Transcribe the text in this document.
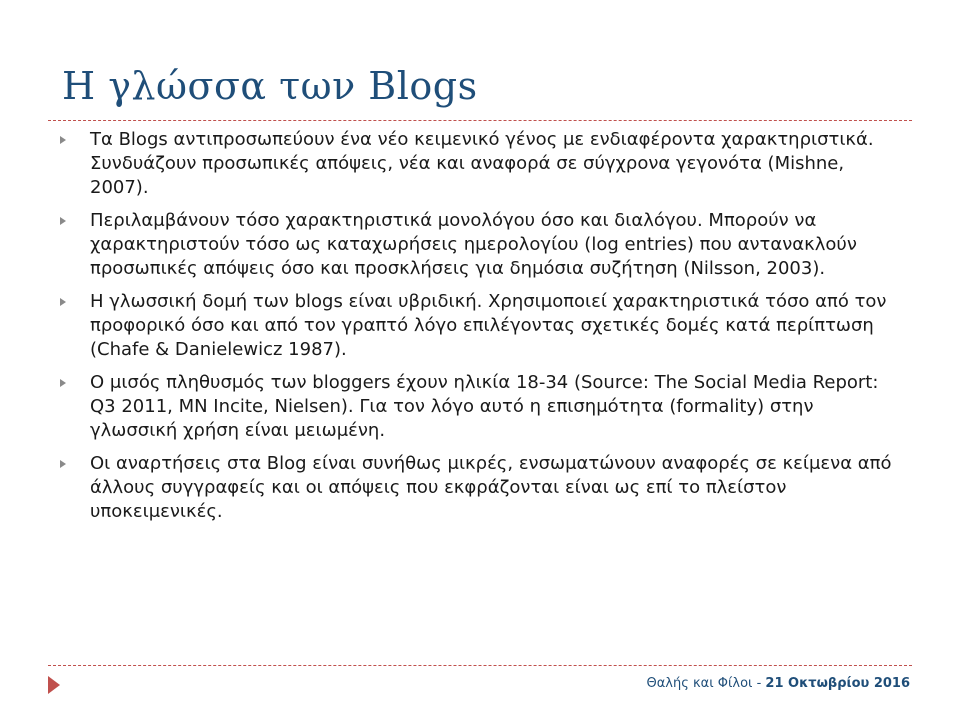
Η γλώσσα των Blogs
Τα Blogs αντιπροσωπεύουν ένα νέο κειμενικό γένος με ενδιαφέροντα χαρακτηριστικά. Συνδυάζουν προσωπικές απόψεις, νέα και αναφορά σε σύγχρονα γεγονότα (Mishne, 2007).
Περιλαμβάνουν τόσο χαρακτηριστικά μονολόγου όσο και διαλόγου. Μπορούν να χαρακτηριστούν τόσο ως καταχωρήσεις ημερολογίου (log entries) που αντανακλούν προσωπικές απόψεις όσο και προσκλήσεις για δημόσια συζήτηση (Nilsson, 2003).
Η γλωσσική δομή των blogs είναι υβριδική. Χρησιμοποιεί χαρακτηριστικά τόσο από τον προφορικό όσο και από τον γραπτό λόγο επιλέγοντας σχετικές δομές κατά περίπτωση (Chafe & Danielewicz 1987).
Ο μισός πληθυσμός των bloggers έχουν ηλικία 18-34 (Source: The Social Media Report: Q3 2011, MN Incite, Nielsen). Για τον λόγο αυτό η επισημότητα (formality) στην γλωσσική χρήση είναι μειωμένη.
Οι αναρτήσεις στα Blog είναι συνήθως μικρές, ενσωματώνουν αναφορές σε κείμενα από άλλους συγγραφείς και οι απόψεις που εκφράζονται είναι ως επί το πλείστον υποκειμενικές.
Θαλής και Φίλοι - 21 Οκτωβρίου 2016
